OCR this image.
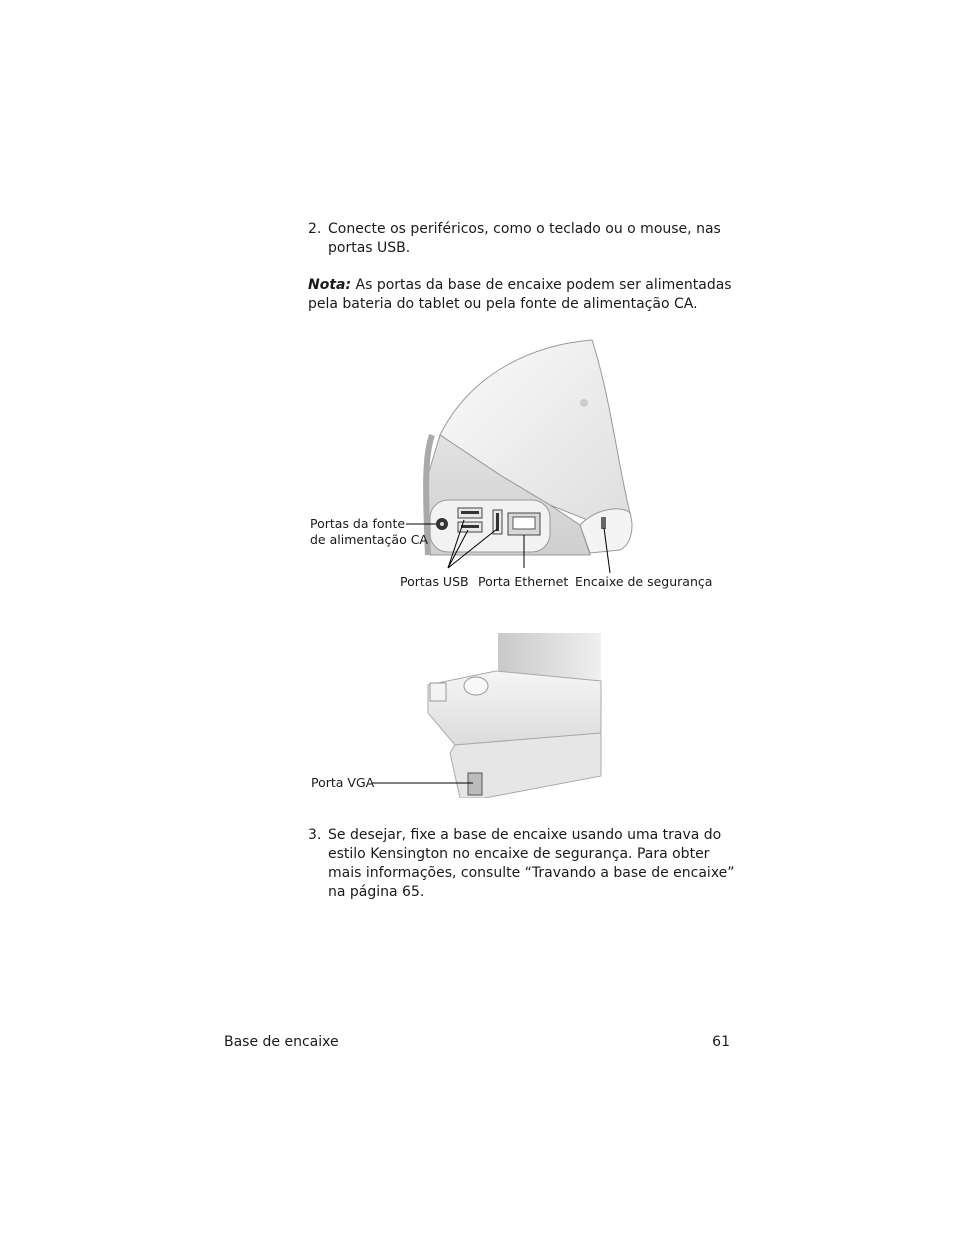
2. Conecte os periféricos, como o teclado ou o mouse, nas portas USB.
Nota: As portas da base de encaixe podem ser alimentadas pela bateria do tablet ou pela fonte de alimentação CA.
Portas da fonte
de alimentação CA
Portas USB Porta Ethernet Encaixe de segurança
Porta VGA
3. Se desejar, fixe a base de encaixe usando uma trava do estilo Kensington no encaixe de segurança. Para obter mais informações, consulte “Travando a base de encaixe” na página 65.
Base de encaixe	61
